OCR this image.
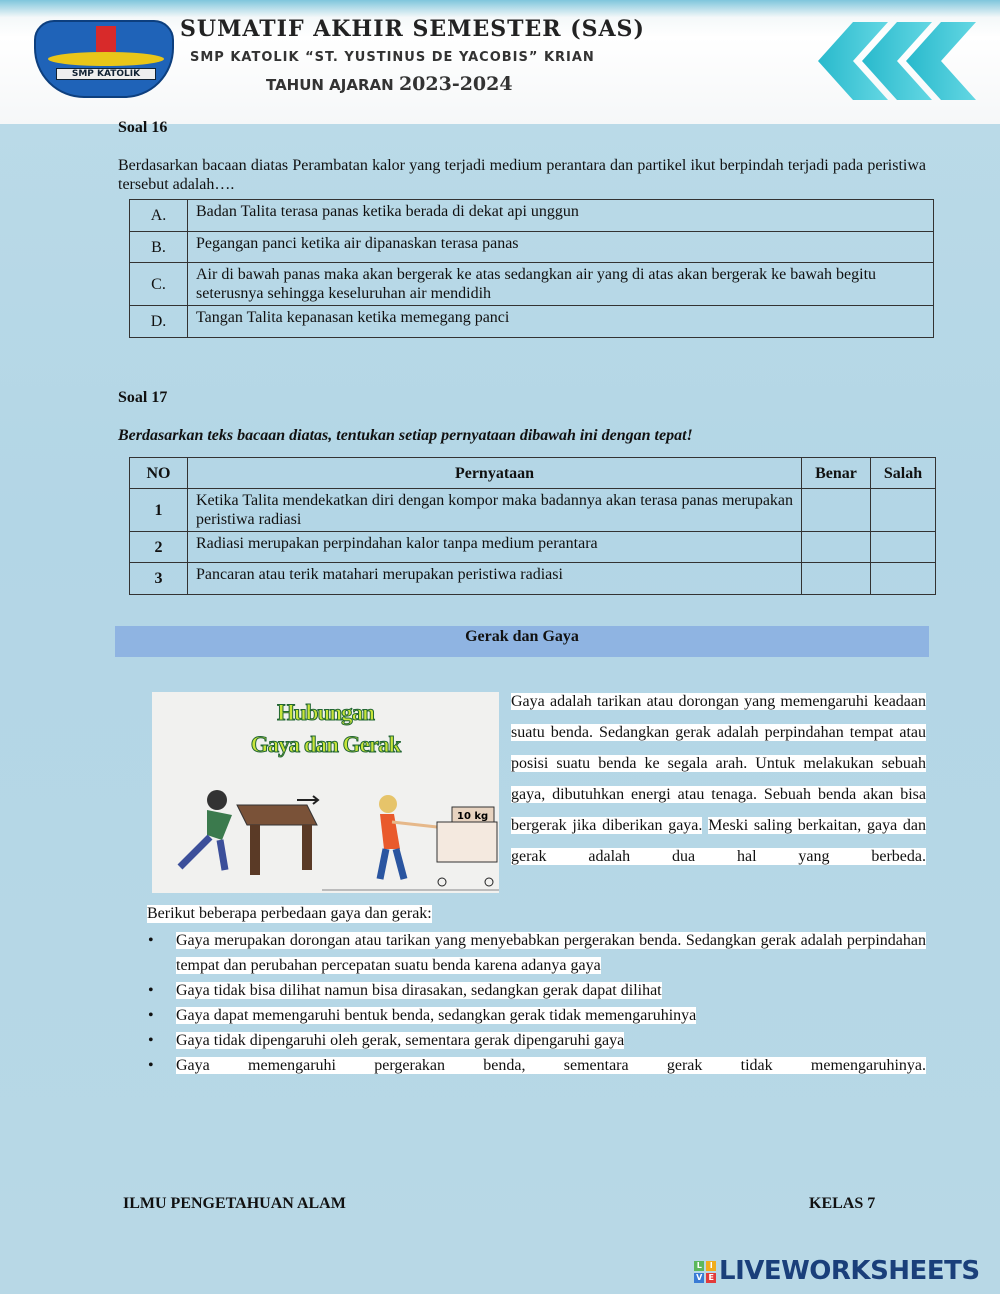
SMP KATOLIK
SUMATIF AKHIR SEMESTER (SAS)
SMP KATOLIK “ST. YUSTINUS DE YACOBIS” KRIAN
TAHUN AJARAN 2023-2024
Soal 16

Berdasarkan bacaan diatas Perambatan kalor yang terjadi medium perantara dan partikel ikut berpindah terjadi pada peristiwa tersebut adalah….

A.	Badan Talita terasa panas ketika berada di dekat api unggun
B.	Pegangan panci ketika air dipanaskan terasa panas
C.	Air di bawah panas maka akan bergerak ke atas sedangkan air yang di atas akan bergerak ke bawah begitu seterusnya sehingga keseluruhan air mendidih
D.	Tangan Talita kepanasan ketika memegang panci
Soal 17

Berdasarkan teks bacaan diatas, tentukan setiap pernyataan dibawah ini dengan tepat!

NO	Pernyataan	Benar	Salah
1	Ketika Talita mendekatkan diri dengan kompor maka badannya akan terasa panas merupakan peristiwa radiasi		
2	Radiasi merupakan perpindahan kalor tanpa medium perantara		
3	Pancaran atau terik matahari merupakan peristiwa radiasi		
Gerak dan Gaya
Hubungan
Gaya dan Gerak
10 kg

Gaya adalah tarikan atau dorongan yang memengaruhi keadaan suatu benda. Sedangkan gerak adalah perpindahan tempat atau posisi suatu benda ke segala arah. Untuk melakukan sebuah gaya, dibutuhkan energi atau tenaga. Sebuah benda akan bisa bergerak jika diberikan gaya. Meski saling berkaitan, gaya dan gerak adalah dua hal yang berbeda.

Berikut beberapa perbedaan gaya dan gerak:

• Gaya merupakan dorongan atau tarikan yang menyebabkan pergerakan benda. Sedangkan gerak adalah perpindahan tempat dan perubahan percepatan suatu benda karena adanya gaya
• Gaya tidak bisa dilihat namun bisa dirasakan, sedangkan gerak dapat dilihat
• Gaya dapat memengaruhi bentuk benda, sedangkan gerak tidak memengaruhinya
• Gaya tidak dipengaruhi oleh gerak, sementara gerak dipengaruhi gaya
• Gaya memengaruhi pergerakan benda, sementara gerak tidak memengaruhinya.
ILMU PENGETAHUAN ALAM	KELAS 7
L IV E LIVEWORKSHEETS
